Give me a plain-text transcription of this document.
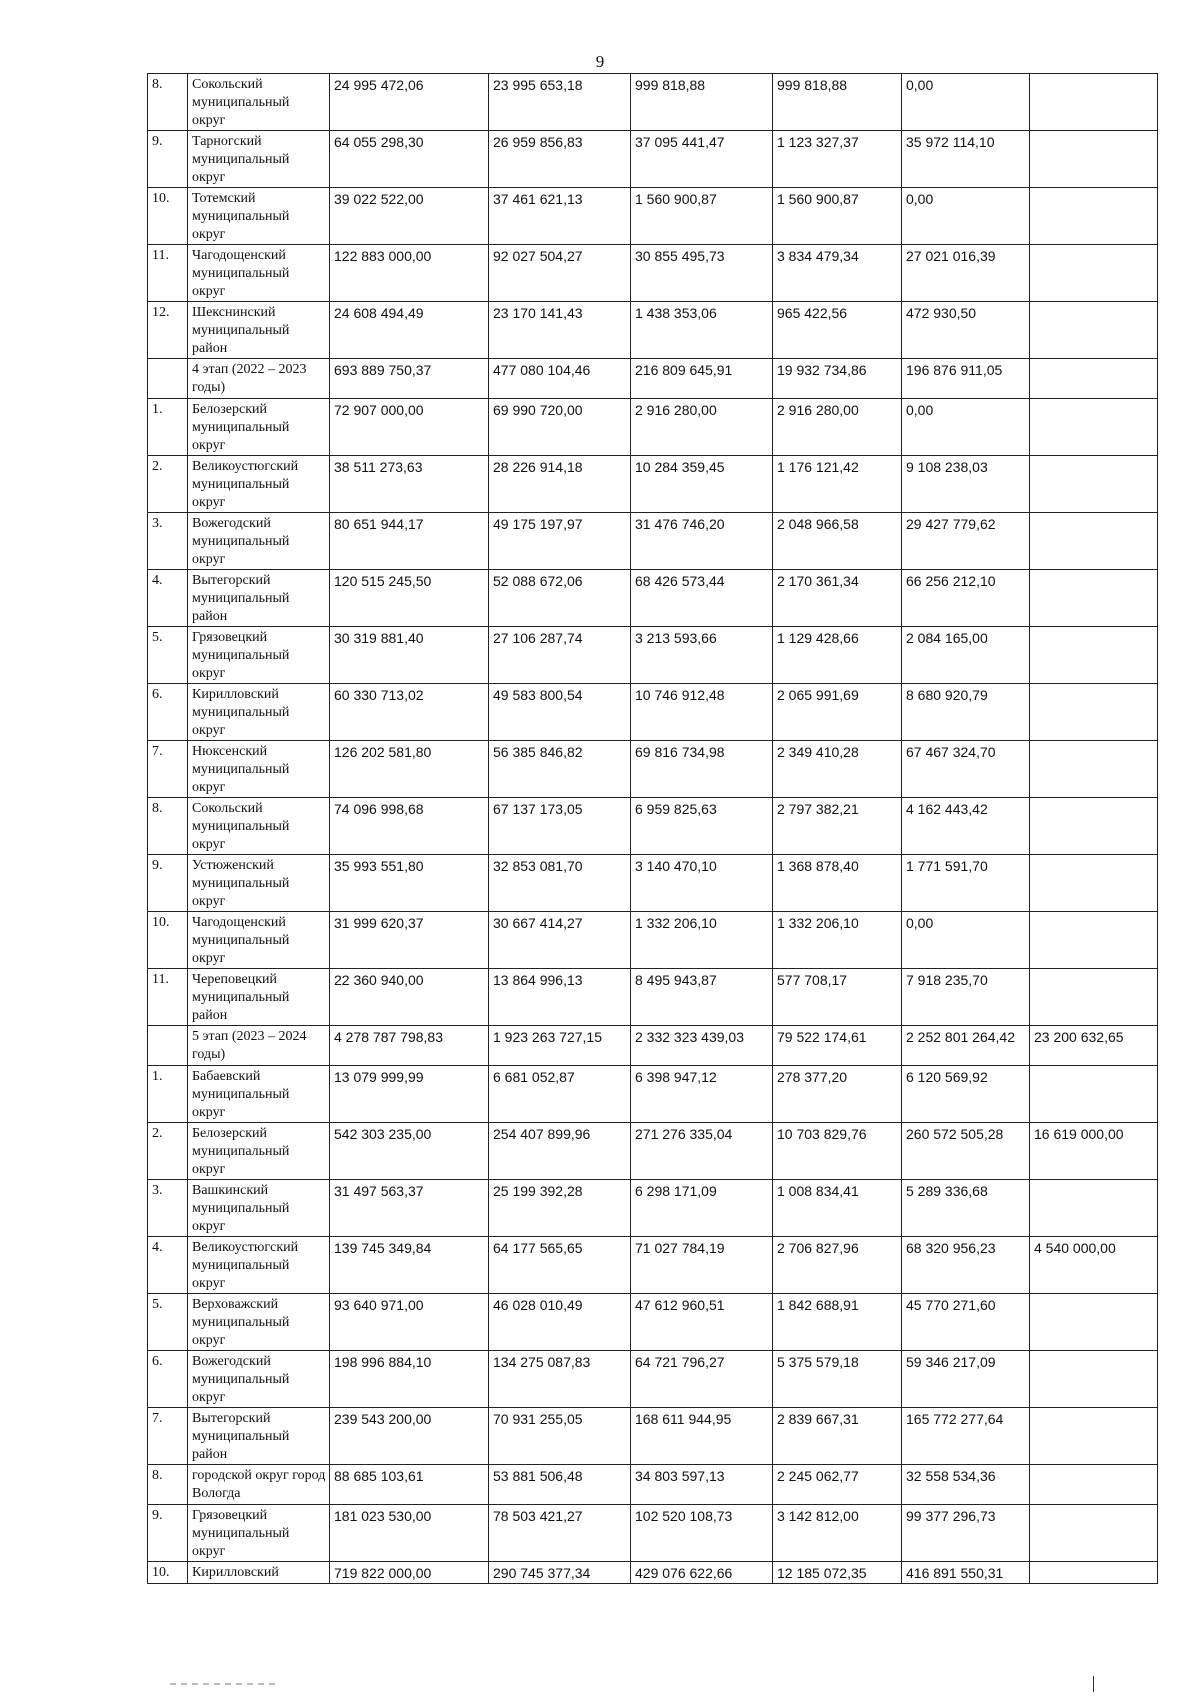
9
8.	Сокольский муниципальный округ	24 995 472,06	23 995 653,18	999 818,88	999 818,88	0,00	
9.	Тарногский муниципальный округ	64 055 298,30	26 959 856,83	37 095 441,47	1 123 327,37	35 972 114,10	
10.	Тотемский муниципальный округ	39 022 522,00	37 461 621,13	1 560 900,87	1 560 900,87	0,00	
11.	Чагодощенский муниципальный округ	122 883 000,00	92 027 504,27	30 855 495,73	3 834 479,34	27 021 016,39	
12.	Шекснинский муниципальный район	24 608 494,49	23 170 141,43	1 438 353,06	965 422,56	472 930,50	
	4 этап (2022 – 2023 годы)	693 889 750,37	477 080 104,46	216 809 645,91	19 932 734,86	196 876 911,05	
1.	Белозерский муниципальный округ	72 907 000,00	69 990 720,00	2 916 280,00	2 916 280,00	0,00	
2.	Великоустюгский муниципальный округ	38 511 273,63	28 226 914,18	10 284 359,45	1 176 121,42	9 108 238,03	
3.	Вожегодский муниципальный округ	80 651 944,17	49 175 197,97	31 476 746,20	2 048 966,58	29 427 779,62	
4.	Вытегорский муниципальный район	120 515 245,50	52 088 672,06	68 426 573,44	2 170 361,34	66 256 212,10	
5.	Грязовецкий муниципальный округ	30 319 881,40	27 106 287,74	3 213 593,66	1 129 428,66	2 084 165,00	
6.	Кирилловский муниципальный округ	60 330 713,02	49 583 800,54	10 746 912,48	2 065 991,69	8 680 920,79	
7.	Нюксенский муниципальный округ	126 202 581,80	56 385 846,82	69 816 734,98	2 349 410,28	67 467 324,70	
8.	Сокольский муниципальный округ	74 096 998,68	67 137 173,05	6 959 825,63	2 797 382,21	4 162 443,42	
9.	Устюженский муниципальный округ	35 993 551,80	32 853 081,70	3 140 470,10	1 368 878,40	1 771 591,70	
10.	Чагодощенский муниципальный округ	31 999 620,37	30 667 414,27	1 332 206,10	1 332 206,10	0,00	
11.	Череповецкий муниципальный район	22 360 940,00	13 864 996,13	8 495 943,87	577 708,17	7 918 235,70	
	5 этап (2023 – 2024 годы)	4 278 787 798,83	1 923 263 727,15	2 332 323 439,03	79 522 174,61	2 252 801 264,42	23 200 632,65
1.	Бабаевский муниципальный округ	13 079 999,99	6 681 052,87	6 398 947,12	278 377,20	6 120 569,92	
2.	Белозерский муниципальный округ	542 303 235,00	254 407 899,96	271 276 335,04	10 703 829,76	260 572 505,28	16 619 000,00
3.	Вашкинский муниципальный округ	31 497 563,37	25 199 392,28	6 298 171,09	1 008 834,41	5 289 336,68	
4.	Великоустюгский муниципальный округ	139 745 349,84	64 177 565,65	71 027 784,19	2 706 827,96	68 320 956,23	4 540 000,00
5.	Верховажский муниципальный округ	93 640 971,00	46 028 010,49	47 612 960,51	1 842 688,91	45 770 271,60	
6.	Вожегодский муниципальный округ	198 996 884,10	134 275 087,83	64 721 796,27	5 375 579,18	59 346 217,09	
7.	Вытегорский муниципальный район	239 543 200,00	70 931 255,05	168 611 944,95	2 839 667,31	165 772 277,64	
8.	городской округ город Вологда	88 685 103,61	53 881 506,48	34 803 597,13	2 245 062,77	32 558 534,36	
9.	Грязовецкий муниципальный округ	181 023 530,00	78 503 421,27	102 520 108,73	3 142 812,00	99 377 296,73	
10.	Кирилловский	719 822 000,00	290 745 377,34	429 076 622,66	12 185 072,35	416 891 550,31	
